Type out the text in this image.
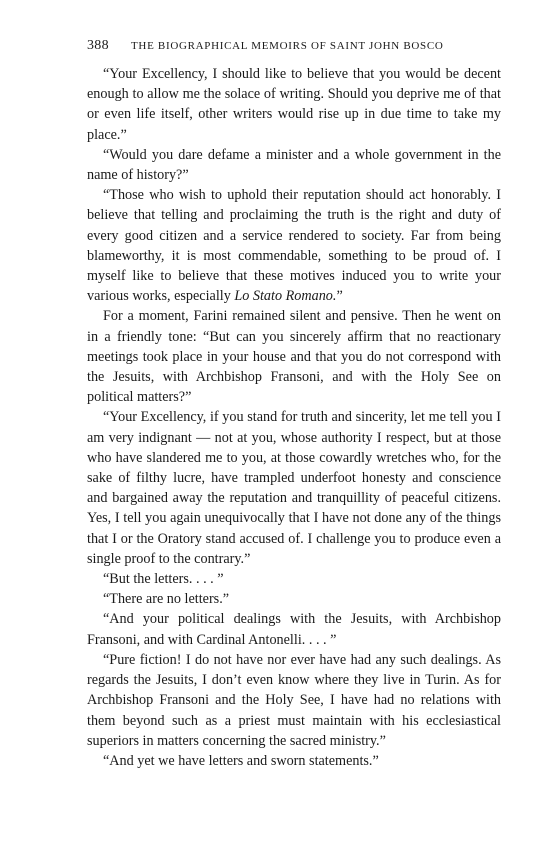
388 THE BIOGRAPHICAL MEMOIRS OF SAINT JOHN BOSCO

“Your Excellency, I should like to believe that you would be decent enough to allow me the solace of writing. Should you deprive me of that or even life itself, other writers would rise up in due time to take my place.”

“Would you dare defame a minister and a whole government in the name of history?”

“Those who wish to uphold their reputation should act honorably. I believe that telling and proclaiming the truth is the right and duty of every good citizen and a service rendered to society. Far from being blameworthy, it is most commendable, something to be proud of. I myself like to believe that these motives induced you to write your various works, especially Lo Stato Romano.”

For a moment, Farini remained silent and pensive. Then he went on in a friendly tone: “But can you sincerely affirm that no reactionary meetings took place in your house and that you do not correspond with the Jesuits, with Archbishop Fransoni, and with the Holy See on political matters?”

“Your Excellency, if you stand for truth and sincerity, let me tell you I am very indignant — not at you, whose authority I respect, but at those who have slandered me to you, at those cowardly wretches who, for the sake of filthy lucre, have trampled underfoot honesty and conscience and bargained away the reputation and tranquillity of peaceful citizens. Yes, I tell you again unequivocally that I have not done any of the things that I or the Oratory stand accused of. I challenge you to produce even a single proof to the contrary.”

“But the letters. . . . ”

“There are no letters.”

“And your political dealings with the Jesuits, with Archbishop Fransoni, and with Cardinal Antonelli. . . . ”

“Pure fiction! I do not have nor ever have had any such dealings. As regards the Jesuits, I don’t even know where they live in Turin. As for Archbishop Fransoni and the Holy See, I have had no relations with them beyond such as a priest must maintain with his ecclesiastical superiors in matters concerning the sacred ministry.”

“And yet we have letters and sworn statements.”
